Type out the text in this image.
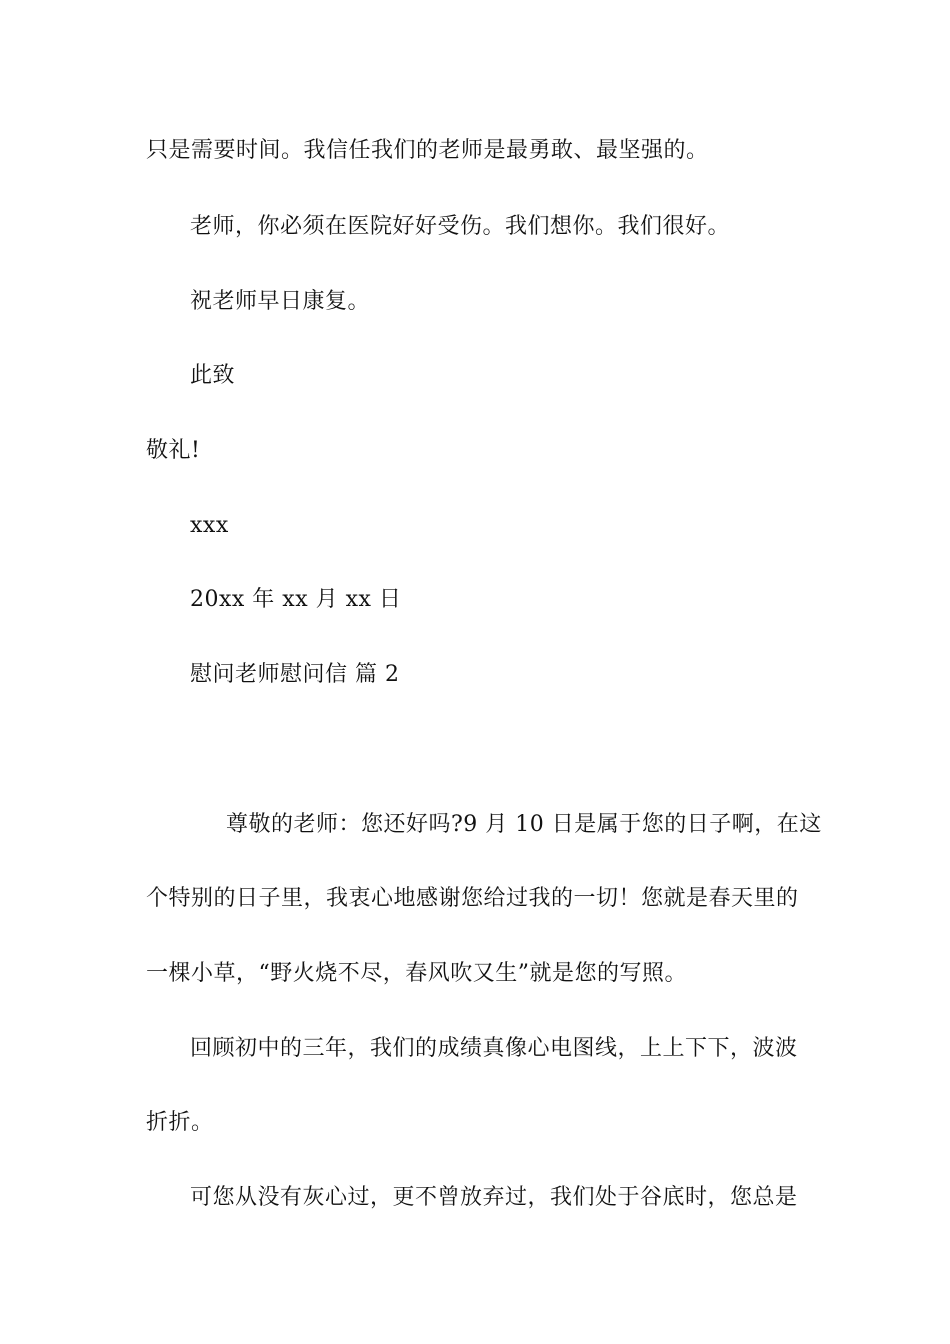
只是需要时间。我信任我们的老师是最勇敢、最坚强的。
老师，你必须在医院好好受伤。我们想你。我们很好。
祝老师早日康复。
此致
敬礼!
xxx
20xx 年 xx 月 xx 日
慰问老师慰问信 篇 2
尊敬的老师：您还好吗?9 月 10 日是属于您的日子啊，在这
个特别的日子里，我衷心地感谢您给过我的一切！您就是春天里的
一棵小草，“野火烧不尽，春风吹又生”就是您的写照。
回顾初中的三年，我们的成绩真像心电图线，上上下下，波波
折折。
可您从没有灰心过，更不曾放弃过，我们处于谷底时，您总是
